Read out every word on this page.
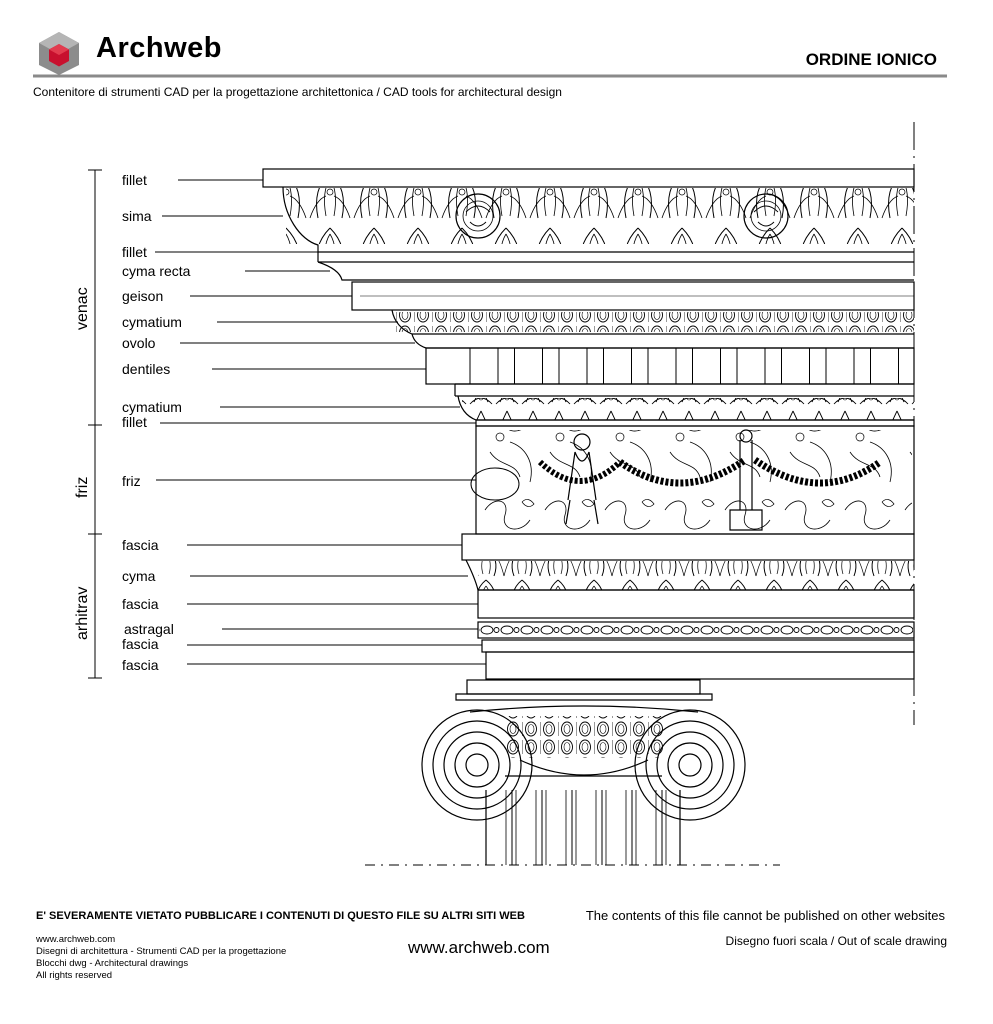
Archweb	ORDINE IONICO
Contenitore di strumenti CAD per la progettazione architettonica / CAD tools for architectural design
fillet
sima
fillet
cyma recta
geison
cymatium
ovolo
dentiles
cymatium
fillet
friz
fascia
cyma
fascia
astragal
fascia
fascia
venac
friz
arhitrav
E' SEVERAMENTE VIETATO PUBBLICARE I CONTENUTI DI QUESTO FILE SU ALTRI SITI WEB	The contents of this file cannot be published on other websites
www.archweb.com
Disegni di architettura - Strumenti CAD per la progettazione
Blocchi dwg - Architectural drawings
All rights reserved
www.archweb.com	Disegno fuori scala / Out of scale drawing
